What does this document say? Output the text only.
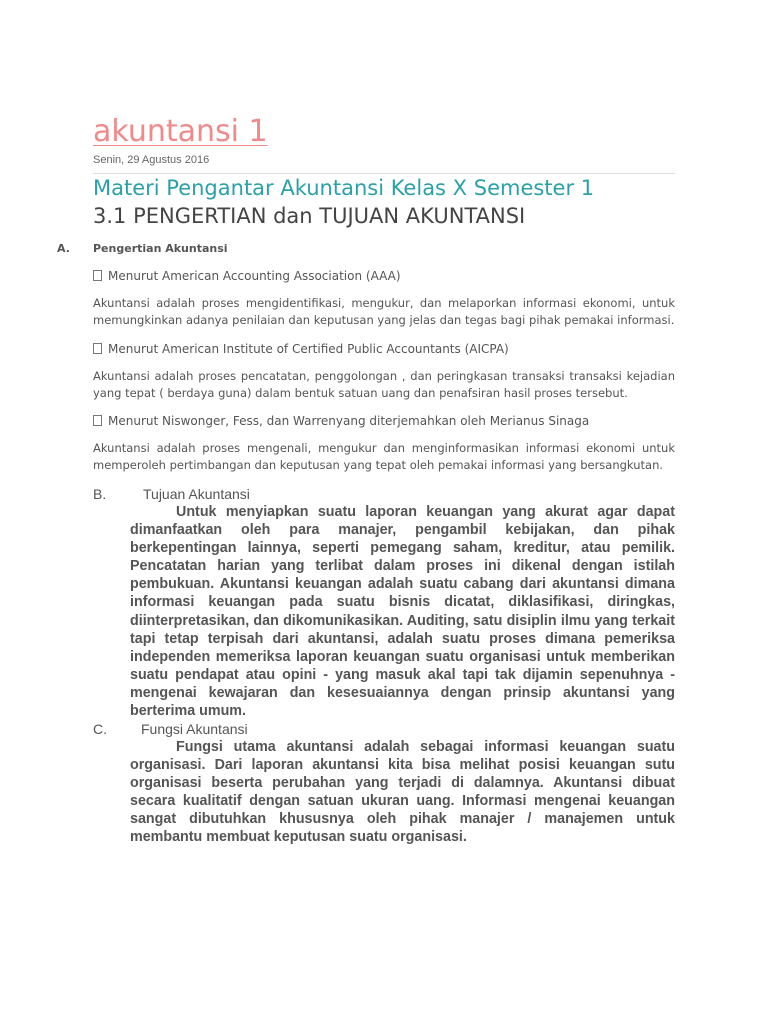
akuntansi 1
Senin, 29 Agustus 2016
Materi Pengantar Akuntansi Kelas X Semester 1
3.1 PENGERTIAN dan TUJUAN AKUNTANSI
A. Pengertian Akuntansi
Menurut American Accounting Association (AAA)
Akuntansi adalah proses mengidentifikasi, mengukur, dan melaporkan informasi ekonomi, untuk memungkinkan adanya penilaian dan keputusan yang jelas dan tegas bagi pihak pemakai informasi.
Menurut American Institute of Certified Public Accountants (AICPA)
Akuntansi adalah proses pencatatan, penggolongan , dan peringkasan transaksi transaksi kejadian yang tepat ( berdaya guna) dalam bentuk satuan uang dan penafsiran hasil proses tersebut.
Menurut Niswonger, Fess, dan Warrenyang diterjemahkan oleh Merianus Sinaga
Akuntansi adalah proses mengenali, mengukur dan menginformasikan informasi ekonomi untuk memperoleh pertimbangan dan keputusan yang tepat oleh pemakai informasi yang bersangkutan.
B.	Tujuan Akuntansi
Untuk menyiapkan suatu laporan keuangan yang akurat agar dapat dimanfaatkan oleh para manajer, pengambil kebijakan, dan pihak berkepentingan lainnya, seperti pemegang saham, kreditur, atau pemilik. Pencatatan harian yang terlibat dalam proses ini dikenal dengan istilah pembukuan. Akuntansi keuangan adalah suatu cabang dari akuntansi dimana informasi keuangan pada suatu bisnis dicatat, diklasifikasi, diringkas, diinterpretasikan, dan dikomunikasikan. Auditing, satu disiplin ilmu yang terkait tapi tetap terpisah dari akuntansi, adalah suatu proses dimana pemeriksa independen memeriksa laporan keuangan suatu organisasi untuk memberikan suatu pendapat atau opini - yang masuk akal tapi tak dijamin sepenuhnya - mengenai kewajaran dan kesesuaiannya dengan prinsip akuntansi yang berterima umum.
C. Fungsi Akuntansi
Fungsi utama akuntansi adalah sebagai informasi keuangan suatu organisasi. Dari laporan akuntansi kita bisa melihat posisi keuangan sutu organisasi beserta perubahan yang terjadi di dalamnya. Akuntansi dibuat secara kualitatif dengan satuan ukuran uang. Informasi mengenai keuangan sangat dibutuhkan khususnya oleh pihak manajer / manajemen untuk membantu membuat keputusan suatu organisasi.
